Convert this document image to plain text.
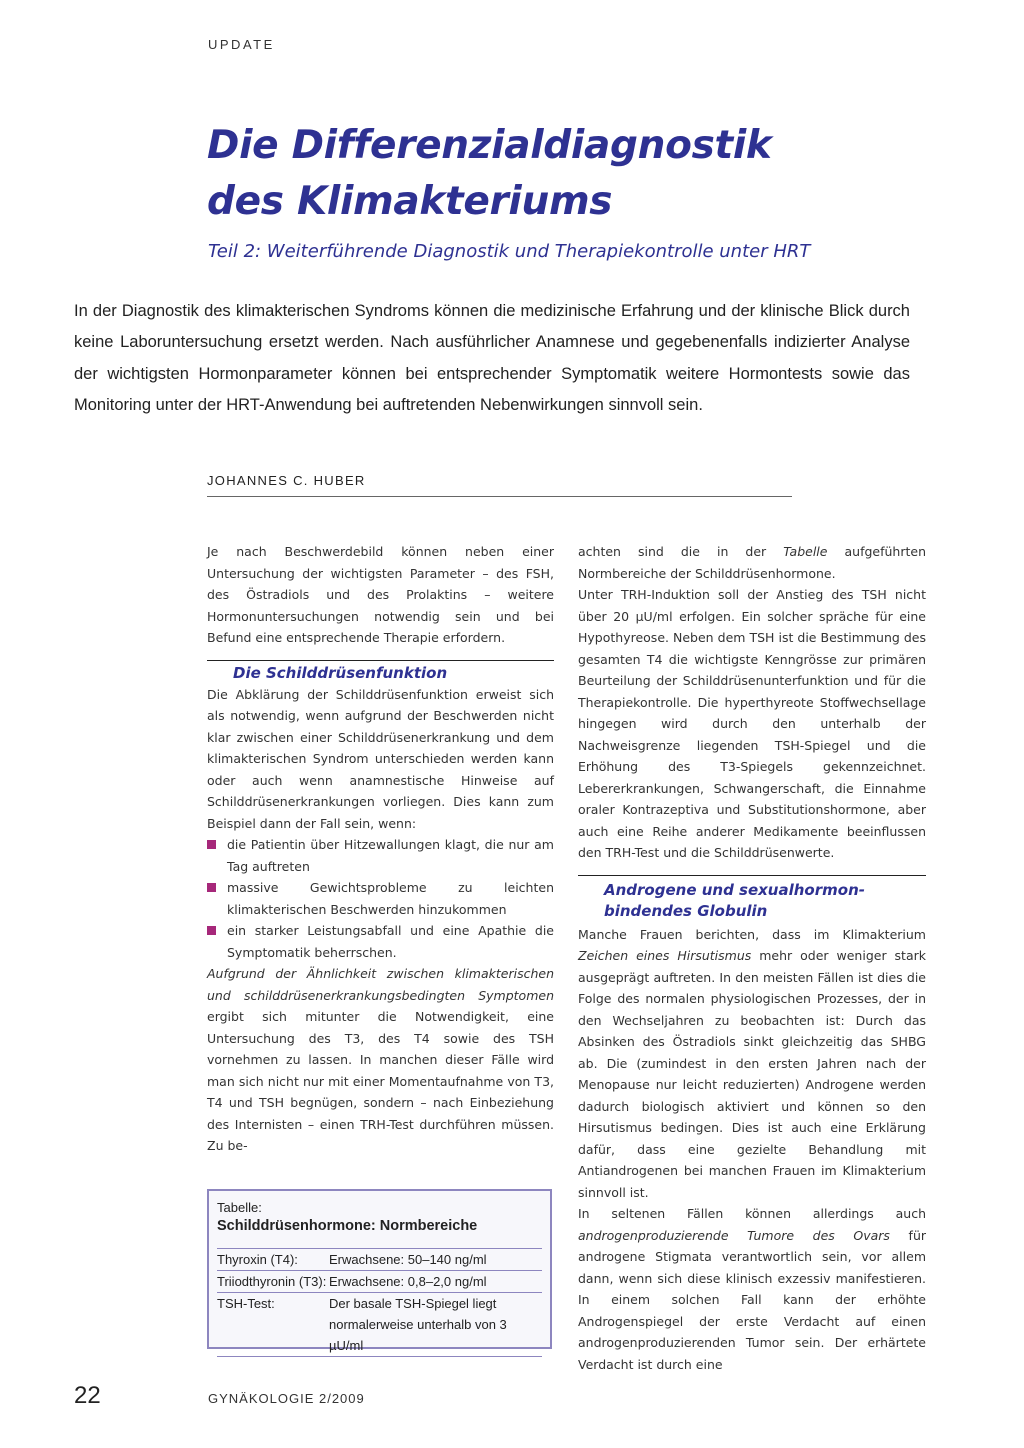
UPDATE
Die Differenzialdiagnostik
des Klimakteriums
Teil 2: Weiterführende Diagnostik und Therapiekontrolle unter HRT
In der Diagnostik des klimakterischen Syndroms können die medizinische Erfahrung und der klinische Blick durch keine Laboruntersuchung ersetzt werden. Nach ausführlicher Anamnese und gegebenenfalls indizierter Analyse der wichtigsten Hormonparameter können bei entsprechender Symptomatik weitere Hormontests sowie das Monitoring unter der HRT-Anwendung bei auftretenden Nebenwirkungen sinnvoll sein.
JOHANNES C. HUBER

Je nach Beschwerdebild können neben einer Untersuchung der wichtigsten Parameter – des FSH, des Östradiols und des Prolaktins – weitere Hormonuntersuchungen notwendig sein und bei Befund eine entsprechende Therapie erfordern.

Die Schilddrüsenfunktion

Die Abklärung der Schilddrüsenfunktion erweist sich als notwendig, wenn aufgrund der Beschwerden nicht klar zwischen einer Schilddrüsenerkrankung und dem klimakterischen Syndrom unterschieden werden kann oder auch wenn anamnestische Hinweise auf Schilddrüsenerkrankungen vorliegen. Dies kann zum Beispiel dann der Fall sein, wenn:

die Patientin über Hitzewallungen klagt, die nur am Tag auftreten
massive Gewichtsprobleme zu leichten klimakterischen Beschwerden hinzukommen
ein starker Leistungsabfall und eine Apathie die Symptomatik beherrschen.

Aufgrund der Ähnlichkeit zwischen klimakterischen und schilddrüsenerkrankungsbedingten Symptomen ergibt sich mitunter die Notwendigkeit, eine Untersuchung des T3, des T4 sowie des TSH vornehmen zu lassen. In manchen dieser Fälle wird man sich nicht nur mit einer Momentaufnahme von T3, T4 und TSH begnügen, sondern – nach Einbeziehung des Internisten – einen TRH-Test durchführen müssen. Zu be-

Tabelle:
Schilddrüsenhormone: Normbereiche
Thyroxin (T4):	Erwachsene: 50–140 ng/ml
Triiodthyronin (T3): Erwachsene: 0,8–2,0 ng/ml
TSH-Test:	Der basale TSH-Spiegel liegt normalerweise unterhalb von 3 µU/ml

achten sind die in der Tabelle aufgeführten Normbereiche der Schilddrüsenhormone.

Unter TRH-Induktion soll der Anstieg des TSH nicht über 20 µU/ml erfolgen. Ein solcher spräche für eine Hypothyreose. Neben dem TSH ist die Bestimmung des gesamten T4 die wichtigste Kenngrösse zur primären Beurteilung der Schilddrüsenunterfunktion und für die Therapiekontrolle. Die hyperthyreote Stoffwechsellage hingegen wird durch den unterhalb der Nachweisgrenze liegenden TSH-Spiegel und die Erhöhung des T3-Spiegels gekennzeichnet. Lebererkrankungen, Schwangerschaft, die Einnahme oraler Kontrazeptiva und Substitutionshormone, aber auch eine Reihe anderer Medikamente beeinflussen den TRH-Test und die Schilddrüsenwerte.

Androgene und sexualhormon-
bindendes Globulin

Manche Frauen berichten, dass im Klimakterium Zeichen eines Hirsutismus mehr oder weniger stark ausgeprägt auftreten. In den meisten Fällen ist dies die Folge des normalen physiologischen Prozesses, der in den Wechseljahren zu beobachten ist: Durch das Absinken des Östradiols sinkt gleichzeitig das SHBG ab. Die (zumindest in den ersten Jahren nach der Menopause nur leicht reduzierten) Androgene werden dadurch biologisch aktiviert und können so den Hirsutismus bedingen. Dies ist auch eine Erklärung dafür, dass eine gezielte Behandlung mit Antiandrogenen bei manchen Frauen im Klimakterium sinnvoll ist.

In seltenen Fällen können allerdings auch androgenproduzierende Tumore des Ovars für androgene Stigmata verantwortlich sein, vor allem dann, wenn sich diese klinisch exzessiv manifestieren. In einem solchen Fall kann der erhöhte Androgenspiegel der erste Verdacht auf einen androgenproduzierenden Tumor sein. Der erhärtete Verdacht ist durch eine

22	GYNÄKOLOGIE 2/2009
